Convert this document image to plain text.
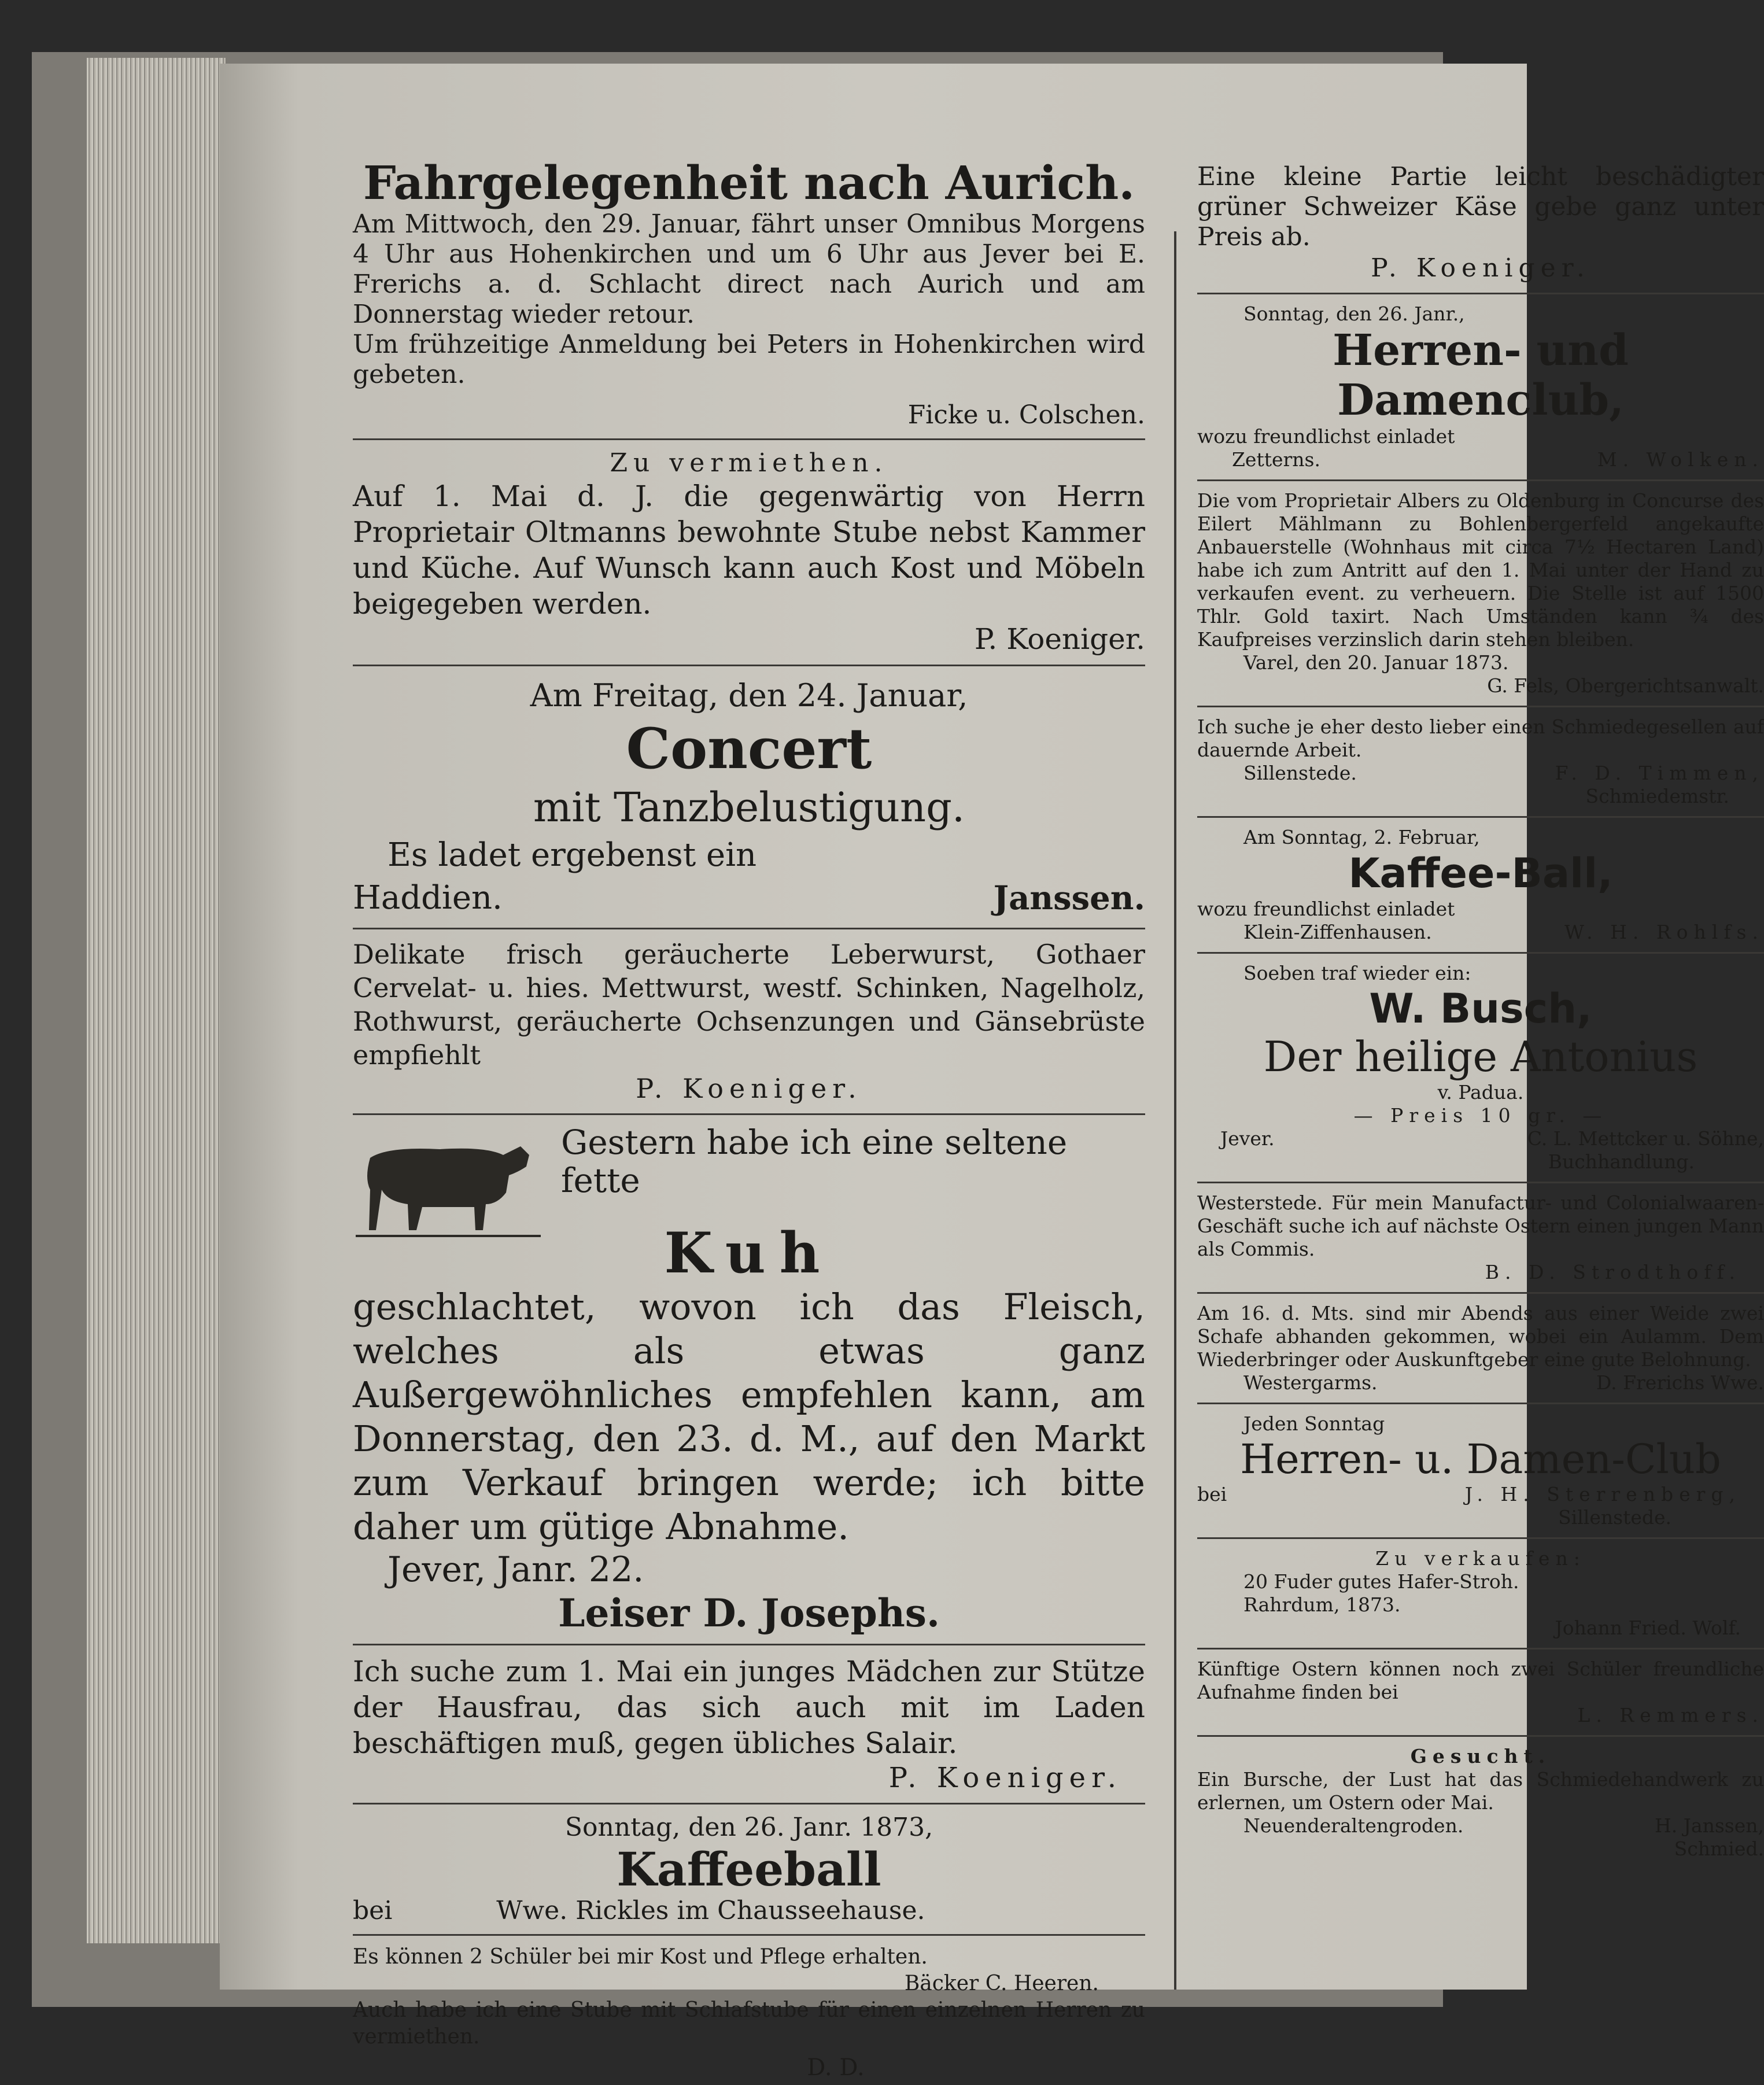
Fahrgelegenheit nach Aurich.
Am Mittwoch, den 29. Januar, fährt unser Omnibus Morgens 4 Uhr aus Hohenkirchen und um 6 Uhr aus Jever bei E. Frerichs a. d. Schlacht direct nach Aurich und am Donnerstag wieder retour.
Um frühzeitige Anmeldung bei Peters in Hohenkirchen wird gebeten.
Ficke u. Colschen.
Zu vermiethen.
Auf 1. Mai d. J. die gegenwärtig von Herrn Proprietair Oltmanns bewohnte Stube nebst Kammer und Küche. Auf Wunsch kann auch Kost und Möbeln beigegeben werden.
P. Koeniger.
Am Freitag, den 24. Januar,
Concert
mit Tanzbelustigung.
Es ladet ergebenst ein
Haddien.	Janssen.
Delikate frisch geräucherte Leberwurst, Gothaer Cervelat- u. hies. Mettwurst, westf. Schinken, Nagelholz, Rothwurst, geräucherte Ochsenzungen und Gänsebrüste empfiehlt
P. Koeniger.
Gestern habe ich eine seltene fette
Kuh
geschlachtet, wovon ich das Fleisch, welches als etwas ganz Außergewöhnliches empfehlen kann, am Donnerstag, den 23. d. M., auf den Markt zum Verkauf bringen werde; ich bitte daher um gütige Abnahme.
Jever, Janr. 22.
Leiser D. Josephs.
Ich suche zum 1. Mai ein junges Mädchen zur Stütze der Hausfrau, das sich auch mit im Laden beschäftigen muß, gegen übliches Salair.
P. Koeniger.
Sonntag, den 26. Janr. 1873,
Kaffeeball
bei	Wwe. Rickles im Chausseehause.
Es können 2 Schüler bei mir Kost und Pflege erhalten.
Bäcker C. Heeren.
Auch habe ich eine Stube mit Schlafstube für einen einzelnen Herren zu vermiethen.
D. D.
Eine kleine Partie leicht beschädigter grüner Schweizer Käse gebe ganz unter Preis ab.
P. Koeniger.
Sonntag, den 26. Janr.,
Herren- und Damenclub,
wozu freundlichst einladet
Zetterns.	M. Wolken.
Die vom Proprietair Albers zu Oldenburg in Concurse des Eilert Mählmann zu Bohlenbergerfeld angekaufte Anbauerstelle (Wohnhaus mit circa 7½ Hectaren Land) habe ich zum Antritt auf den 1. Mai unter der Hand zu verkaufen event. zu verheuern. Die Stelle ist auf 1500 Thlr. Gold taxirt. Nach Umständen kann ¾ des Kaufpreises verzinslich darin stehen bleiben.
Varel, den 20. Januar 1873.
G. Fels, Obergerichtsanwalt.
Ich suche je eher desto lieber einen Schmiedegesellen auf dauernde Arbeit.
Sillenstede.	F. D. Timmen,
Schmiedemstr.
Am Sonntag, 2. Februar,
Kaffee-Ball,
wozu freundlichst einladet
Klein-Ziffenhausen.	W. H. Rohlfs.
Soeben traf wieder ein:
W. Busch,
Der heilige Antonius
v. Padua.
— Preis 10 gr. —
Jever.	C. L. Mettcker u. Söhne,
Buchhandlung.
Westerstede. Für mein Manufactur- und Colonialwaaren-Geschäft suche ich auf nächste Ostern einen jungen Mann als Commis.
B. D. Strodthoff.
Am 16. d. Mts. sind mir Abends aus einer Weide zwei Schafe abhanden gekommen, wobei ein Aulamm. Dem Wiederbringer oder Auskunftgeber eine gute Belohnung.
Westergarms.	D. Frerichs Wwe.
Jeden Sonntag
Herren- u. Damen-Club
bei	J. H. Sterrenberg,
Sillenstede.
Zu verkaufen:
20 Fuder gutes Hafer-Stroh.
Rahrdum, 1873.
Johann Fried. Wolf.
Künftige Ostern können noch zwei Schüler freundliche Aufnahme finden bei
L. Remmers.
Gesucht.
Ein Bursche, der Lust hat das Schmiedehandwerk zu erlernen, um Ostern oder Mai.
Neuenderaltengroden.	H. Janssen,
Schmied.
